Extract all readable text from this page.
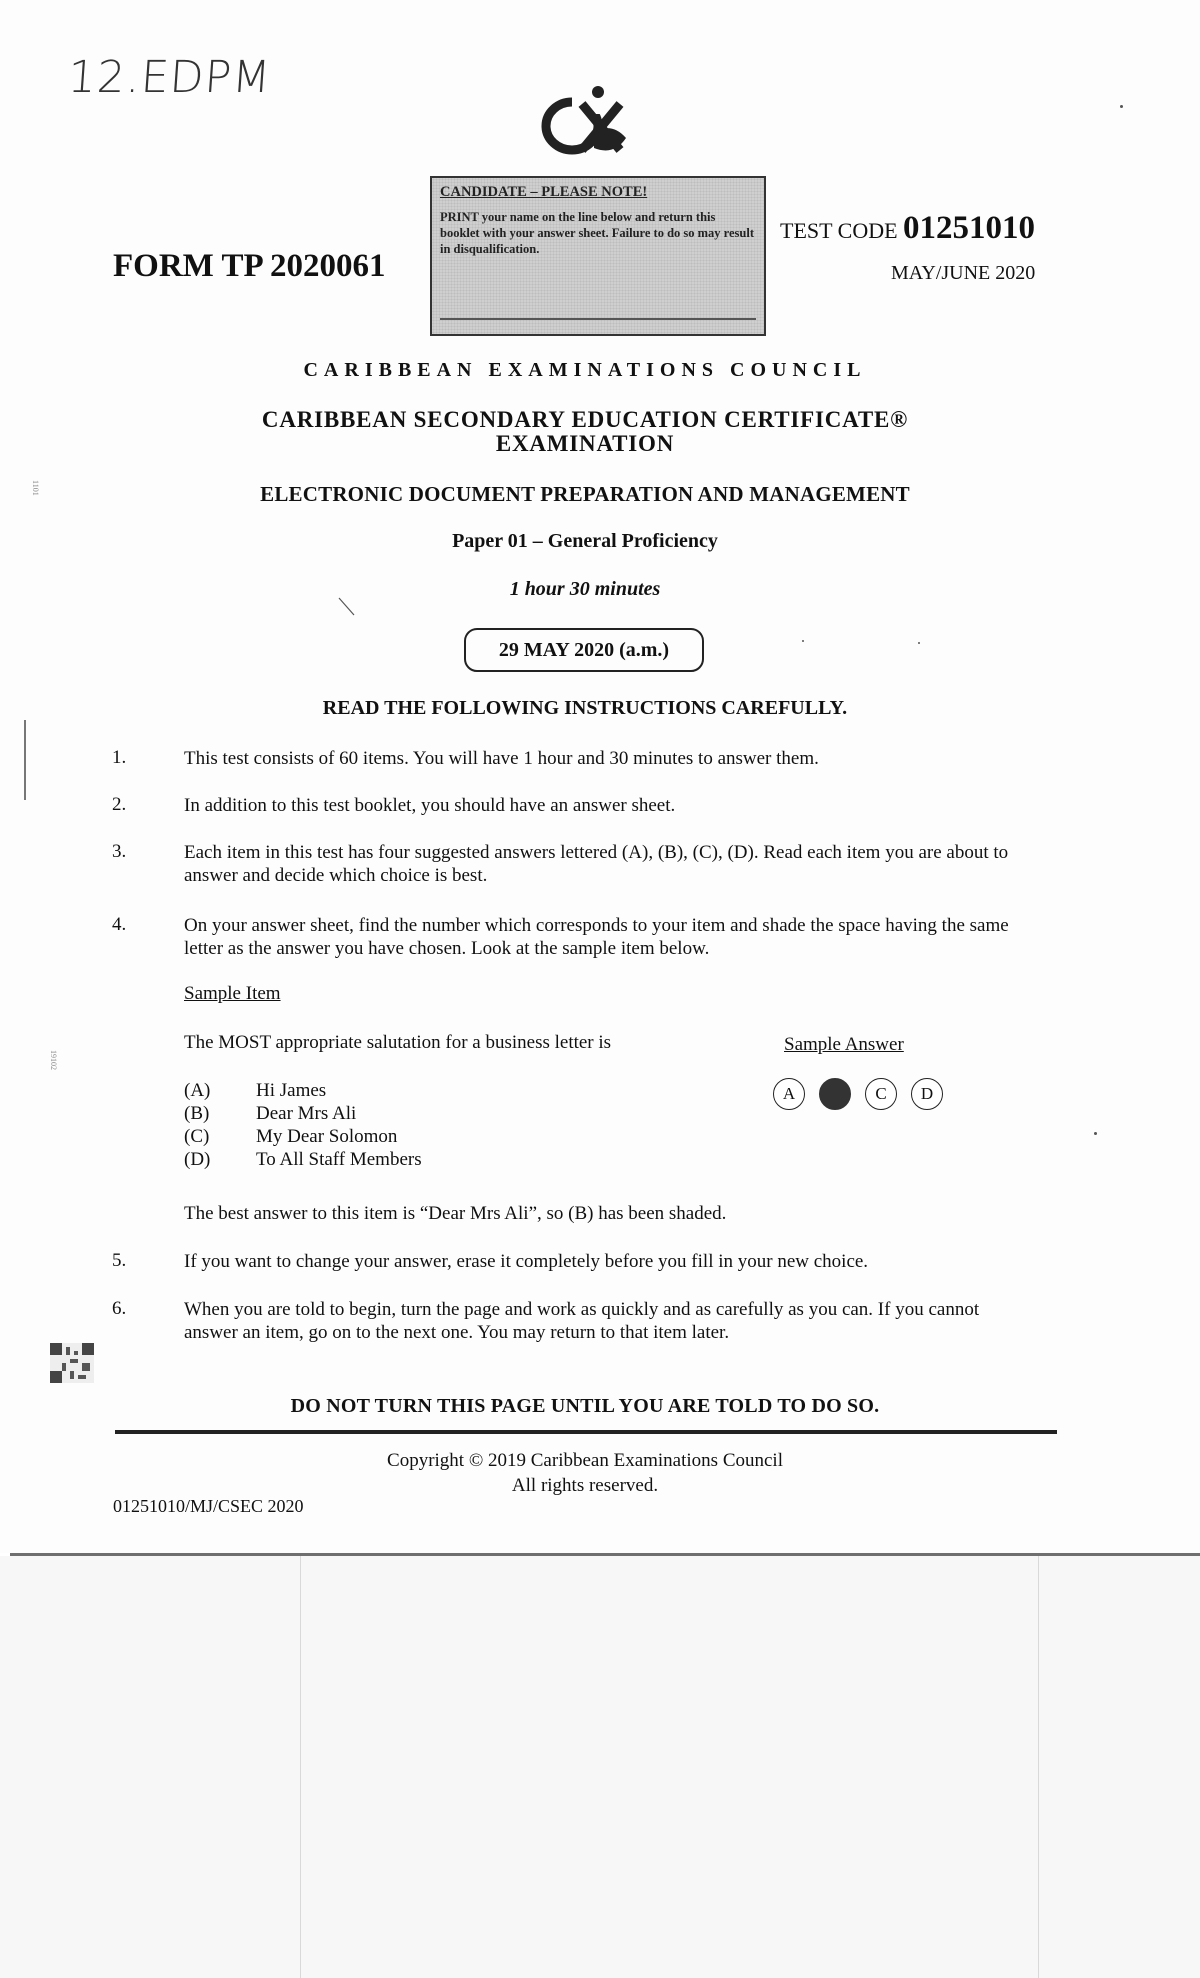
12.EDPM
CANDIDATE – PLEASE NOTE!
PRINT your name on the line below and return this booklet with your answer sheet. Failure to do so may result in disqualification.
FORM TP 2020061
TEST CODE 01251010
MAY/JUNE 2020
CARIBBEAN EXAMINATIONS COUNCIL
CARIBBEAN SECONDARY EDUCATION CERTIFICATE®
EXAMINATION
ELECTRONIC DOCUMENT PREPARATION AND MANAGEMENT
Paper 01 – General Proficiency
1 hour 30 minutes
29 MAY 2020 (a.m.)
READ THE FOLLOWING INSTRUCTIONS CAREFULLY.
1.	This test consists of 60 items. You will have 1 hour and 30 minutes to answer them.
2.	In addition to this test booklet, you should have an answer sheet.
3.	Each item in this test has four suggested answers lettered (A), (B), (C), (D). Read each item you are about to answer and decide which choice is best.
4.	On your answer sheet, find the number which corresponds to your item and shade the space having the same letter as the answer you have chosen. Look at the sample item below.
Sample Item
The MOST appropriate salutation for a business letter is	Sample Answer
A	C	D
(A) Hi James
(B) Dear Mrs Ali
(C) My Dear Solomon
(D) To All Staff Members
The best answer to this item is “Dear Mrs Ali”, so (B) has been shaded.
5.	If you want to change your answer, erase it completely before you fill in your new choice.
6.	When you are told to begin, turn the page and work as quickly and as carefully as you can. If you cannot answer an item, go on to the next one. You may return to that item later.
DO NOT TURN THIS PAGE UNTIL YOU ARE TOLD TO DO SO.
Copyright © 2019 Caribbean Examinations Council
All rights reserved.
01251010/MJ/CSEC 2020
1101
19102
